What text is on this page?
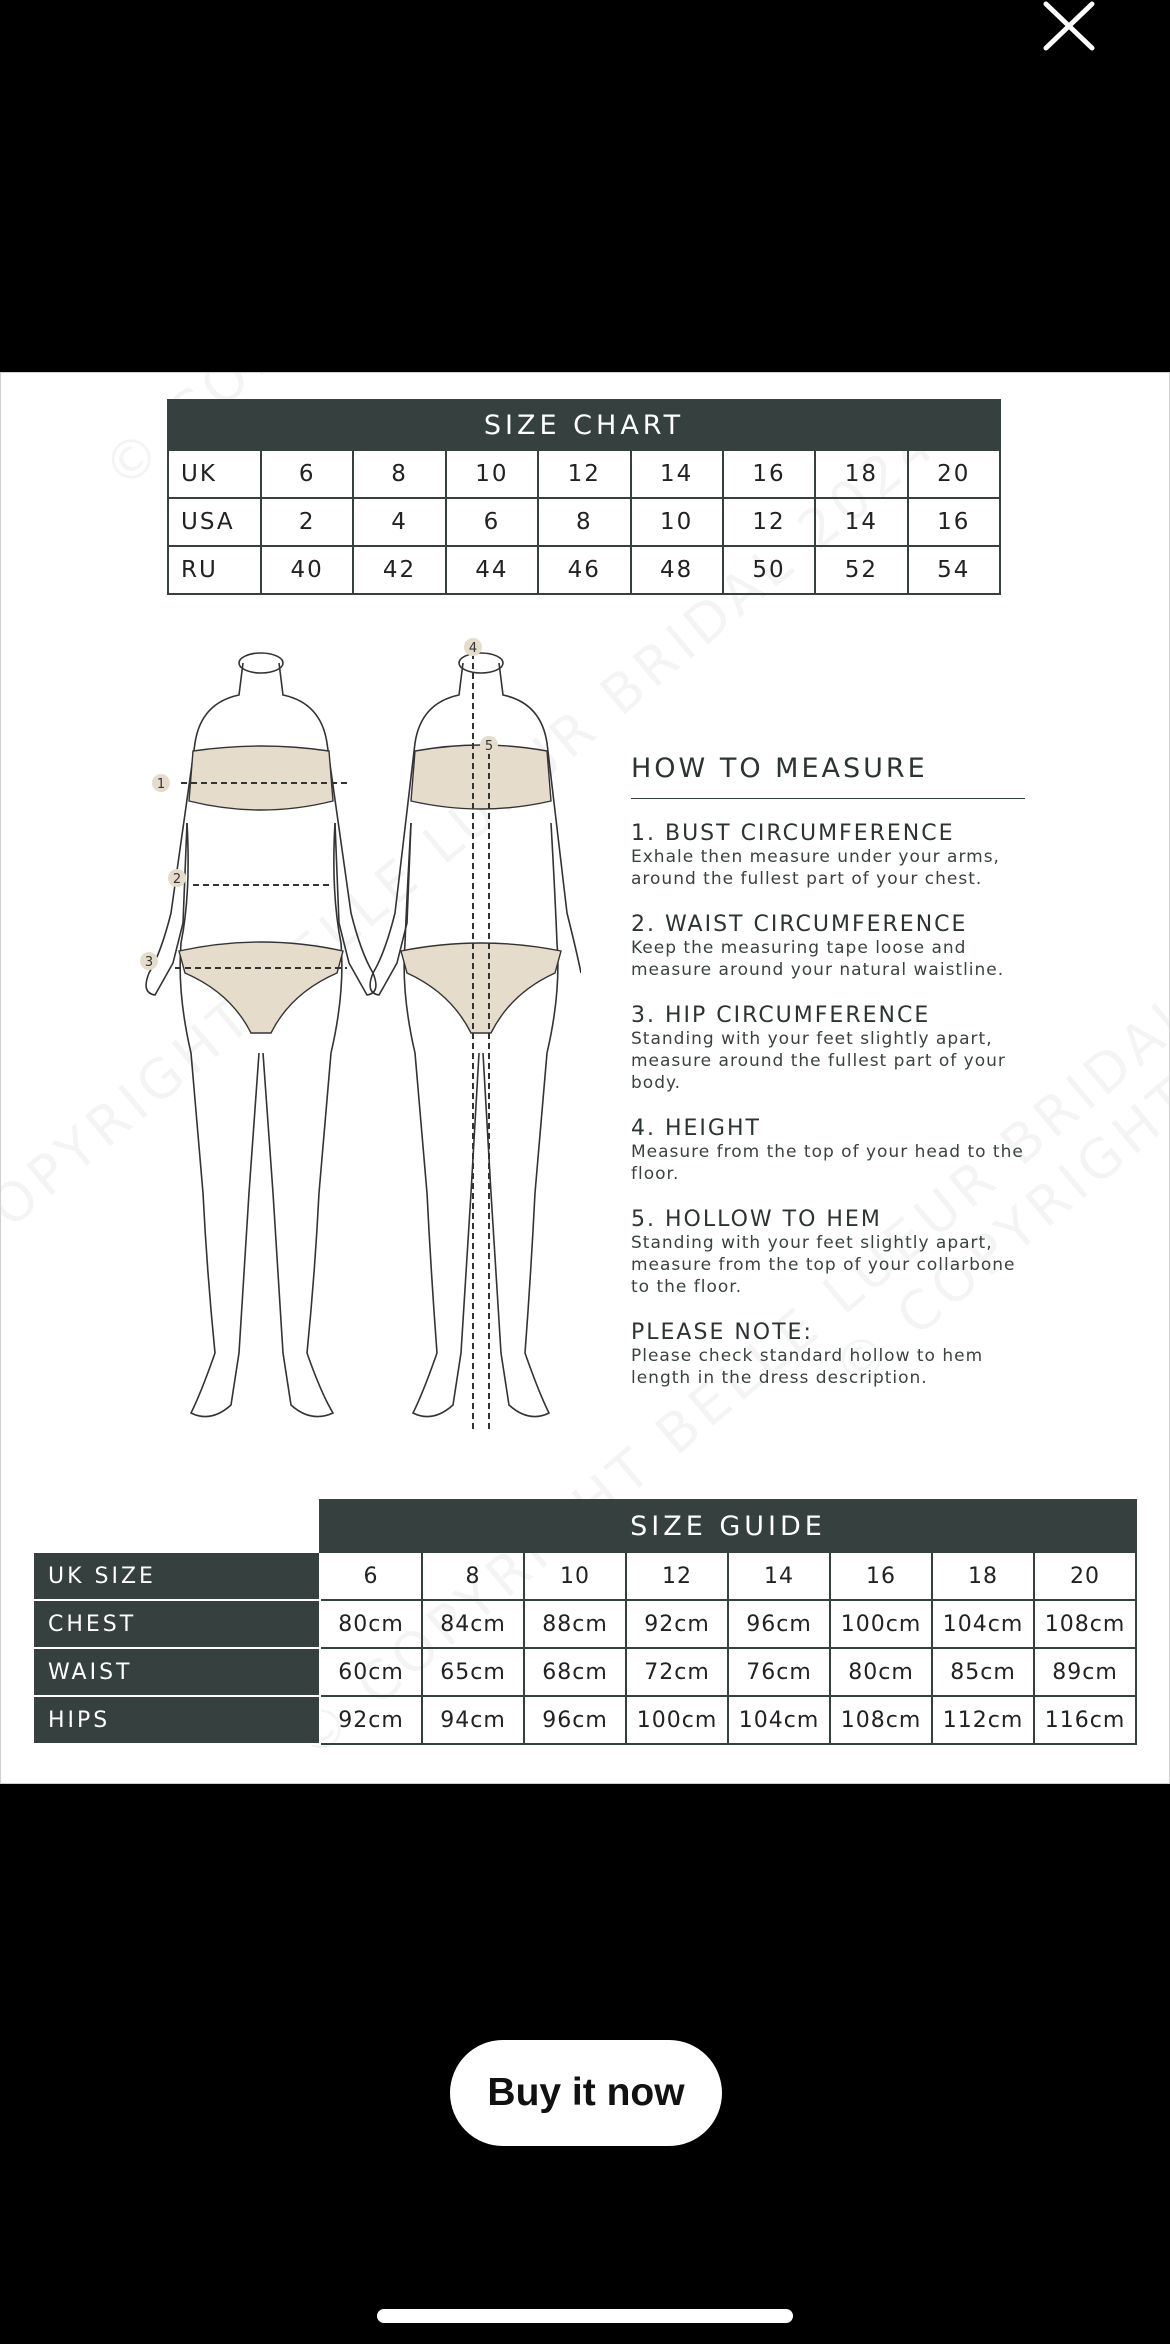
SIZE CHART								
UK	6	8	10	12	14	16	18	20
USA	2	4	6	8	10	12	14	16
RU	40	42	44	46	48	50	52	54
1
2
3
4
5
HOW TO MEASURE

1. BUST CIRCUMFERENCE

Exhale then measure under your arms, around the fullest part of your chest.

2. WAIST CIRCUMFERENCE

Keep the measuring tape loose and measure around your natural waistline.

3. HIP CIRCUMFERENCE

Standing with your feet slightly apart, measure around the fullest part of your body.

4. HEIGHT

Measure from the top of your head to the floor.

5. HOLLOW TO HEM

Standing with your feet slightly apart, measure from the top of your collarbone to the floor.

PLEASE NOTE:

Please check standard hollow to hem length in the dress description.

	SIZE GUIDE							
UK SIZE	6	8	10	12	14	16	18	20
CHEST	80cm	84cm	88cm	92cm	96cm	100cm	104cm	108cm
WAIST	60cm	65cm	68cm	72cm	76cm	80cm	85cm	89cm
HIPS	92cm	94cm	96cm	100cm	104cm	108cm	112cm	116cm
Buy it now
